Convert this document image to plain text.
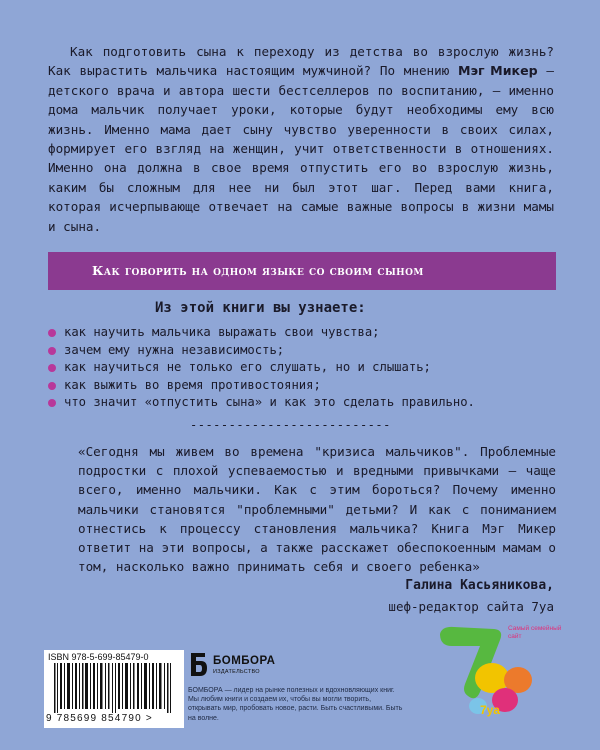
Как подготовить сына к переходу из детства во взрослую жизнь? Как вырастить мальчика настоящим мужчиной? По мнению Мэг Микер — детского врача и автора шести бестселлеров по воспитанию, — именно дома мальчик получает уроки, которые будут необходимы ему всю жизнь. Именно мама дает сыну чувство уверенности в своих силах, формирует его взгляд на женщин, учит ответственности в отношениях. Именно она должна в свое время отпустить его во взрослую жизнь, каким бы сложным для нее ни был этот шаг. Перед вами книга, которая исчерпывающе отвечает на самые важные вопросы в жизни мамы и сына.
Как говорить на одном языке со своим сыном
Из этой книги вы узнаете:
как научить мальчика выражать свои чувства;
зачем ему нужна независимость;
как научиться не только его слушать, но и слышать;
как выжить во время противостояния;
что значит «отпустить сына» и как это сделать правильно.
--------------------------
«Сегодня мы живем во времена "кризиса мальчиков". Проблемные подростки с плохой успеваемостью и вредными привычками — чаще всего, именно мальчики. Как с этим бороться? Почему именно мальчики становятся "проблемными" детьми? И как с пониманием отнестись к процессу становления мальчика? Книга Мэг Микер ответит на эти вопросы, а также расскажет обеспокоенным мамам о том, насколько важно принимать себя и своего ребенка»
Галина Касьяникова,
шеф-редактор сайта 7уа
ISBN 978-5-699-85479-0
9 785699 854790 >
БОМБОРА
ИЗДАТЕЛЬСТВО
БОМБОРА — лидер на рынке полезных и вдохновляющих книг. Мы любим книги и создаем их, чтобы вы могли творить, открывать мир, пробовать новое, расти. Быть счастливыми. Быть на волне.
Самый семейный сайт
7уа
